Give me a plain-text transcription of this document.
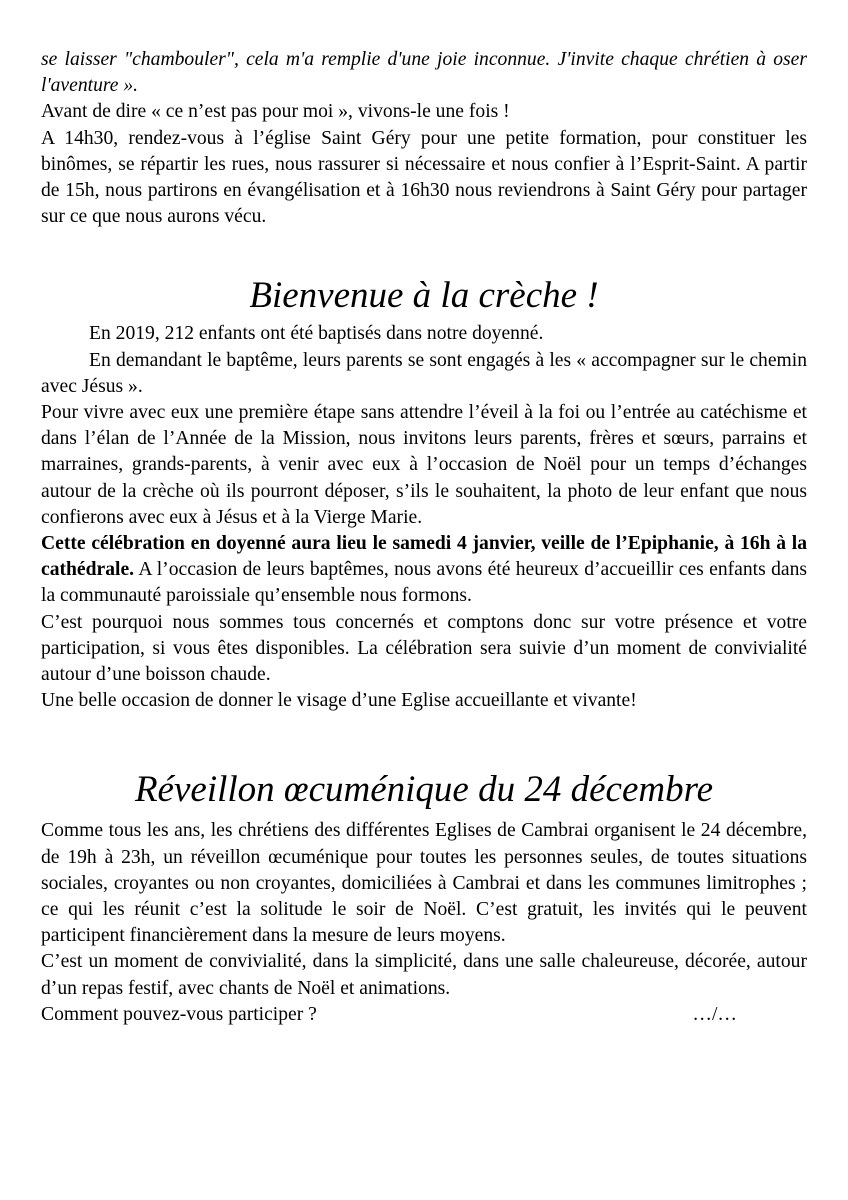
se laisser "chambouler", cela m'a remplie d'une joie inconnue. J'invite chaque chrétien à oser l'aventure ».

Avant de dire « ce n’est pas pour moi », vivons-le une fois !

A 14h30, rendez-vous à l’église Saint Géry pour une petite formation, pour constituer les binômes, se répartir les rues, nous rassurer si nécessaire et nous confier à l’Esprit-Saint. A partir de 15h, nous partirons en évangélisation et à 16h30 nous reviendrons à Saint Géry pour partager sur ce que nous aurons vécu.

Bienvenue à la crèche !

En 2019, 212 enfants ont été baptisés dans notre doyenné.

En demandant le baptême, leurs parents se sont engagés à les « accompagner sur le chemin avec Jésus ».

Pour vivre avec eux une première étape sans attendre l’éveil à la foi ou l’entrée au catéchisme et dans l’élan de l’Année de la Mission, nous invitons leurs parents, frères et sœurs, parrains et marraines, grands-parents, à venir avec eux à l’occasion de Noël pour un temps d’échanges autour de la crèche où ils pourront déposer, s’ils le souhaitent, la photo de leur enfant que nous confierons avec eux à Jésus et à la Vierge Marie.

Cette célébration en doyenné aura lieu le samedi 4 janvier, veille de l’Epiphanie, à 16h à la cathédrale. A l’occasion de leurs baptêmes, nous avons été heureux d’accueillir ces enfants dans la communauté paroissiale qu’ensemble nous formons.

C’est pourquoi nous sommes tous concernés et comptons donc sur votre présence et votre participation, si vous êtes disponibles. La célébration sera suivie d’un moment de convivialité autour d’une boisson chaude.

Une belle occasion de donner le visage d’une Eglise accueillante et vivante!

Réveillon œcuménique du 24 décembre

Comme tous les ans, les chrétiens des différentes Eglises de Cambrai organisent le 24 décembre, de 19h à 23h, un réveillon œcuménique pour toutes les personnes seules, de toutes situations sociales, croyantes ou non croyantes, domiciliées à Cambrai et dans les communes limitrophes ; ce qui les réunit c’est la solitude le soir de Noël. C’est gratuit, les invités qui le peuvent participent financièrement dans la mesure de leurs moyens.

C’est un moment de convivialité, dans la simplicité, dans une salle chaleureuse, décorée, autour d’un repas festif, avec chants de Noël et animations.

Comment pouvez-vous participer ?	…/…
